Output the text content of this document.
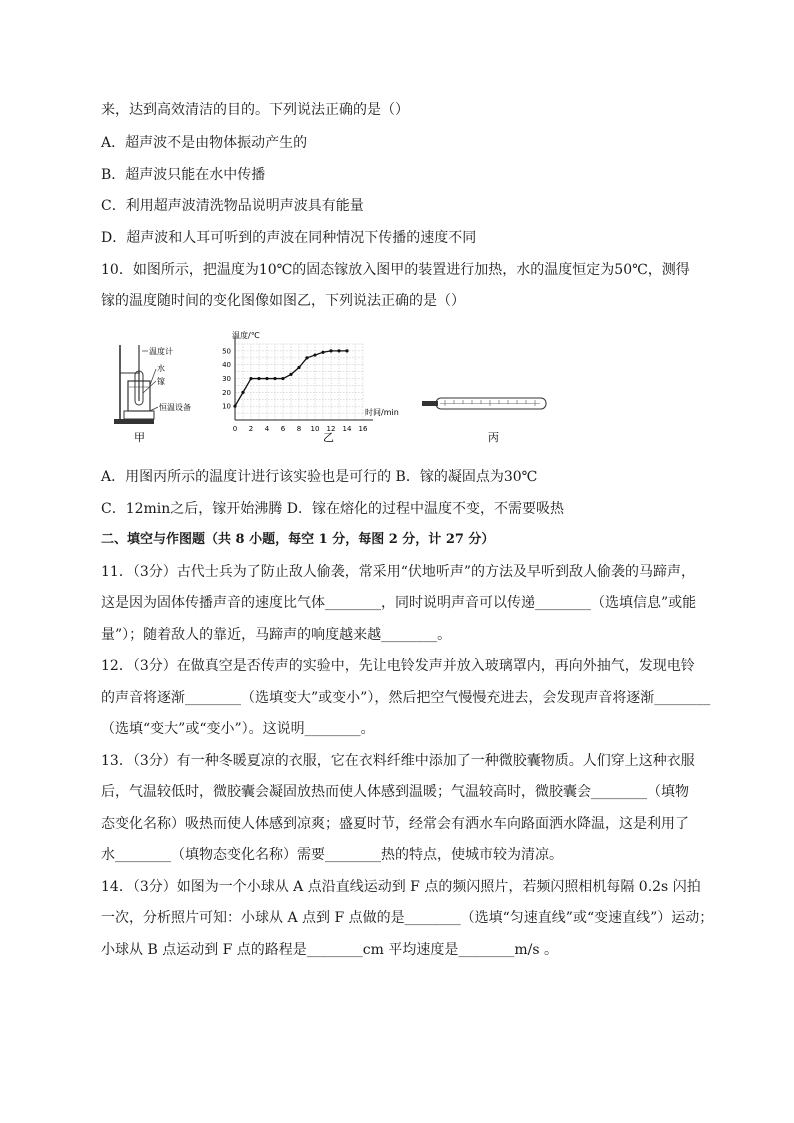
来，达到高效清洁的目的。下列说法正确的是（）
A．超声波不是由物体振动产生的
B．超声波只能在水中传播
C．利用超声波清洗物品说明声波具有能量
D．超声波和人耳可听到的声波在同种情况下传播的速度不同
10．如图所示，把温度为10℃的固态镓放入图甲的装置进行加热，水的温度恒定为50℃，测得
镓的温度随时间的变化图像如图乙，下列说法正确的是（）
温度计
水
镓
恒温设备
甲
温度/℃
时间/min
乙
0 2 4 6 8 10 12 14 16
10
20
30
40
50
丙
A．用图丙所示的温度计进行该实验也是可行的 B．镓的凝固点为30℃
C．12min之后，镓开始沸腾 D．镓在熔化的过程中温度不变，不需要吸热
二、填空与作图题（共 8 小题，每空 1 分，每图 2 分，计 27 分）
11．（3分）古代士兵为了防止敌人偷袭，常采用“伏地听声”的方法及早听到敌人偷袭的马蹄声，
这是因为固体传播声音的速度比气体________，同时说明声音可以传递________（选填信息”或能
量”）；随着敌人的靠近，马蹄声的响度越来越________。
12．（3分）在做真空是否传声的实验中，先让电铃发声并放入玻璃罩内，再向外抽气，发现电铃
的声音将逐渐________（选填变大”或变小”），然后把空气慢慢充进去，会发现声音将逐渐________
（选填“变大”或“变小”）。这说明________。
13．（3分）有一种冬暖夏凉的衣服，它在衣料纤维中添加了一种微胶囊物质。人们穿上这种衣服
后，气温较低时，微胶囊会凝固放热而使人体感到温暖；气温较高时，微胶囊会________（填物
态变化名称）吸热而使人体感到凉爽；盛夏时节，经常会有洒水车向路面洒水降温，这是利用了
水________（填物态变化名称）需要________热的特点，使城市较为清凉。
14．（3分）如图为一个小球从 A 点沿直线运动到 F 点的频闪照片，若频闪照相机每隔 0.2s 闪拍
一次，分析照片可知：小球从 A 点到 F 点做的是________（选填“匀速直线”或“变速直线”）运动；
小球从 B 点运动到 F 点的路程是________cm 平均速度是________m/s 。
